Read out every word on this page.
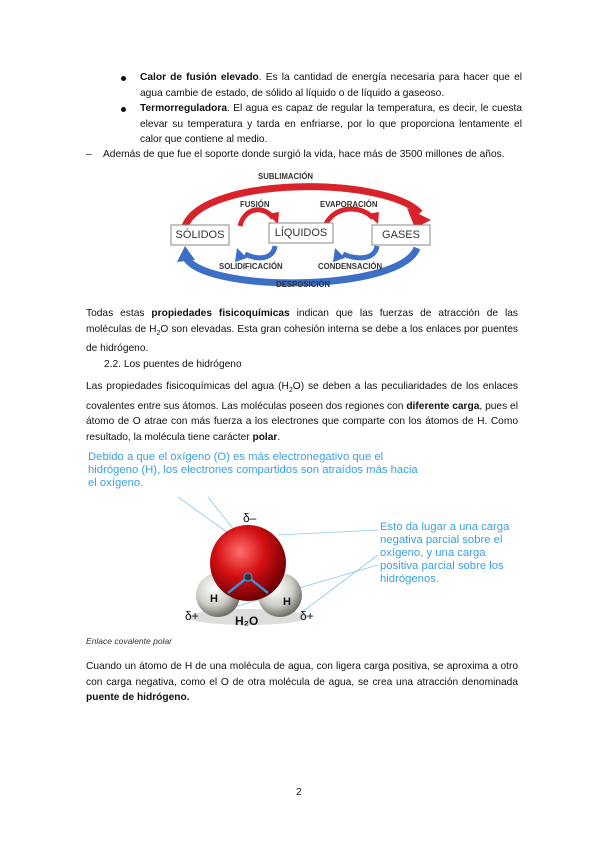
Calor de fusión elevado. Es la cantidad de energía necesaria para hacer que el agua cambie de estado, de sólido al líquido o de líquido a gaseoso.
Termorreguladora. El agua es capaz de regular la temperatura, es decir, le cuesta elevar su temperatura y tarda en enfriarse, por lo que proporciona lentamente el calor que contiene al medio.
– Además de que fue el soporte donde surgió la vida, hace más de 3500 millones de años.
SÓLIDOS	LÍQUIDOS	GASES
SUBLIMACIÓN
FUSIÓN	EVAPORACIÓN
SOLIDIFICACIÓN	CONDENSACIÓN
DESPOSICIÓN
Todas estas propiedades fisicoquímicas indican que las fuerzas de atracción de las moléculas de $H_2O$ son elevadas. Esta gran cohesión interna se debe a los enlaces por puentes de hidrógeno.
2.2. Los puentes de hidrógeno
Las propiedades fisicoquímicas del agua $(H_2O)$ se deben a las peculiaridades de los enlaces covalentes entre sus átomos. Las moléculas poseen dos regiones con diferente carga, pues el átomo de O atrae con más fuerza a los electrones que comparte con los átomos de H. Como resultado, la molécula tiene carácter polar.
Debido a que el oxígeno (O) es más electronegativo que el hidrógeno (H), los electrones compartidos son atraídos más hacia el oxígeno.
δ–
δ+	δ+
H	H
H₂O
Esto da lugar a una carga negativa parcial sobre el oxígeno, y una carga positiva parcial sobre los hidrógenos.
Enlace covalente polar
Cuando un átomo de H de una molécula de agua, con ligera carga positiva, se aproxima a otro con carga negativa, como el O de otra molécula de agua, se crea una atracción denominada puente de hidrógeno.
2
